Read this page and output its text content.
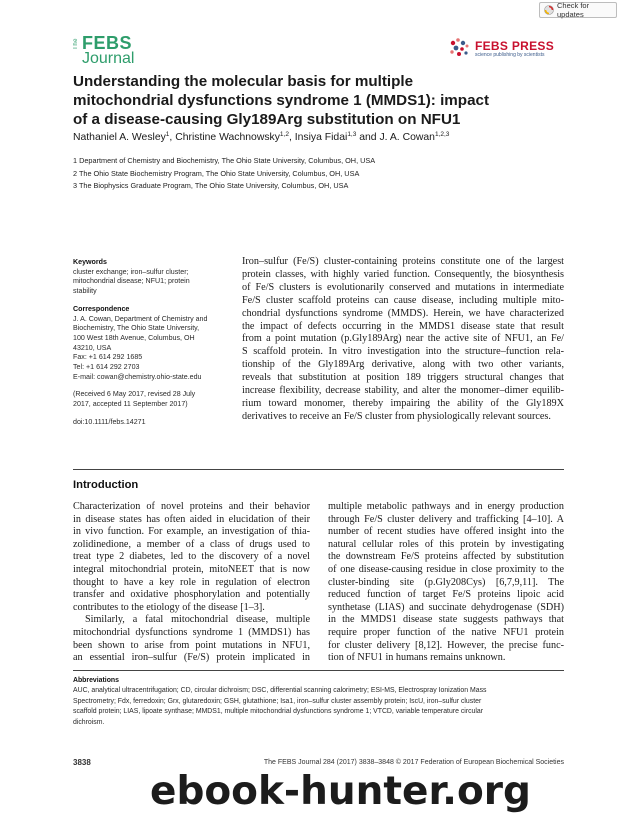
Check for updates
The FEBS
Journal
FEBS PRESS
science publishing by scientists
Understanding the molecular basis for multiple
mitochondrial dysfunctions syndrome 1 (MMDS1): impact
of a disease-causing Gly189Arg substitution on NFU1
Nathaniel A. Wesley$^1$, Christine Wachnowsky$^{1,2}$, Insiya Fidai$^{1,3}$ and J. A. Cowan$^{1,2,3}$
1 Department of Chemistry and Biochemistry, The Ohio State University, Columbus, OH, USA
2 The Ohio State Biochemistry Program, The Ohio State University, Columbus, OH, USA
3 The Biophysics Graduate Program, The Ohio State University, Columbus, OH, USA
Keywords
cluster exchange; iron–sulfur cluster;
mitochondrial disease; NFU1; protein
stability
Correspondence
J. A. Cowan, Department of Chemistry and
Biochemistry, The Ohio State University,
100 West 18th Avenue, Columbus, OH
43210, USA
Fax: +1 614 292 1685
Tel: +1 614 292 2703
E-mail: cowan@chemistry.ohio-state.edu
(Received 6 May 2017, revised 28 July
2017, accepted 11 September 2017)
doi:10.1111/febs.14271
Iron–sulfur (Fe/S) cluster-containing proteins constitute one of the largest
protein classes, with highly varied function. Consequently, the biosynthesis
of Fe/S clusters is evolutionarily conserved and mutations in intermediate
Fe/S cluster scaffold proteins can cause disease, including multiple mito-
chondrial dysfunctions syndrome (MMDS). Herein, we have characterized
the impact of defects occurring in the MMDS1 disease state that result
from a point mutation (p.Gly189Arg) near the active site of NFU1, an Fe/
S scaffold protein. In vitro investigation into the structure–function rela-
tionship of the Gly189Arg derivative, along with two other variants,
reveals that substitution at position 189 triggers structural changes that
increase flexibility, decrease stability, and alter the monomer–dimer equilib-
rium toward monomer, thereby impairing the ability of the Gly189X
derivatives to receive an Fe/S cluster from physiologically relevant sources.
Introduction
Characterization of novel proteins and their behavior
in disease states has often aided in elucidation of their
in vivo function. For example, an investigation of thia-
zolidinedione, a member of a class of drugs used to
treat type 2 diabetes, led to the discovery of a novel
integral mitochondrial protein, mitoNEET that is now
thought to have a key role in regulation of electron
transfer and oxidative phosphorylation and potentially
contributes to the etiology of the disease [1–3].
Similarly, a fatal mitochondrial disease, multiple
mitochondrial dysfunctions syndrome 1 (MMDS1) has
been shown to arise from point mutations in NFU1,
an essential iron–sulfur (Fe/S) protein implicated in
multiple metabolic pathways and in energy production
through Fe/S cluster delivery and trafficking [4–10]. A
number of recent studies have offered insight into the
natural cellular roles of this protein by investigating
the downstream Fe/S proteins affected by substitution
of one disease-causing residue in close proximity to the
cluster-binding site (p.Gly208Cys) [6,7,9,11]. The
reduced function of target Fe/S proteins lipoic acid
synthetase (LIAS) and succinate dehydrogenase (SDH)
in the MMDS1 disease state suggests pathways that
require proper function of the native NFU1 protein
for cluster delivery [8,12]. However, the precise func-
tion of NFU1 in humans remains unknown.
Abbreviations
AUC, analytical ultracentrifugation; CD, circular dichroism; DSC, differential scanning calorimetry; ESI-MS, Electrospray Ionization Mass
Spectrometry; Fdx, ferredoxin; Grx, glutaredoxin; GSH, glutathione; Isa1, iron–sulfur cluster assembly protein; IscU, iron–sulfur cluster
scaffold protein; LIAS, lipoate synthase; MMDS1, multiple mitochondrial dysfunctions syndrome 1; VTCD, variable temperature circular
dichroism.
3838	The FEBS Journal 284 (2017) 3838–3848 © 2017 Federation of European Biochemical Societies
ebook-hunter.org
